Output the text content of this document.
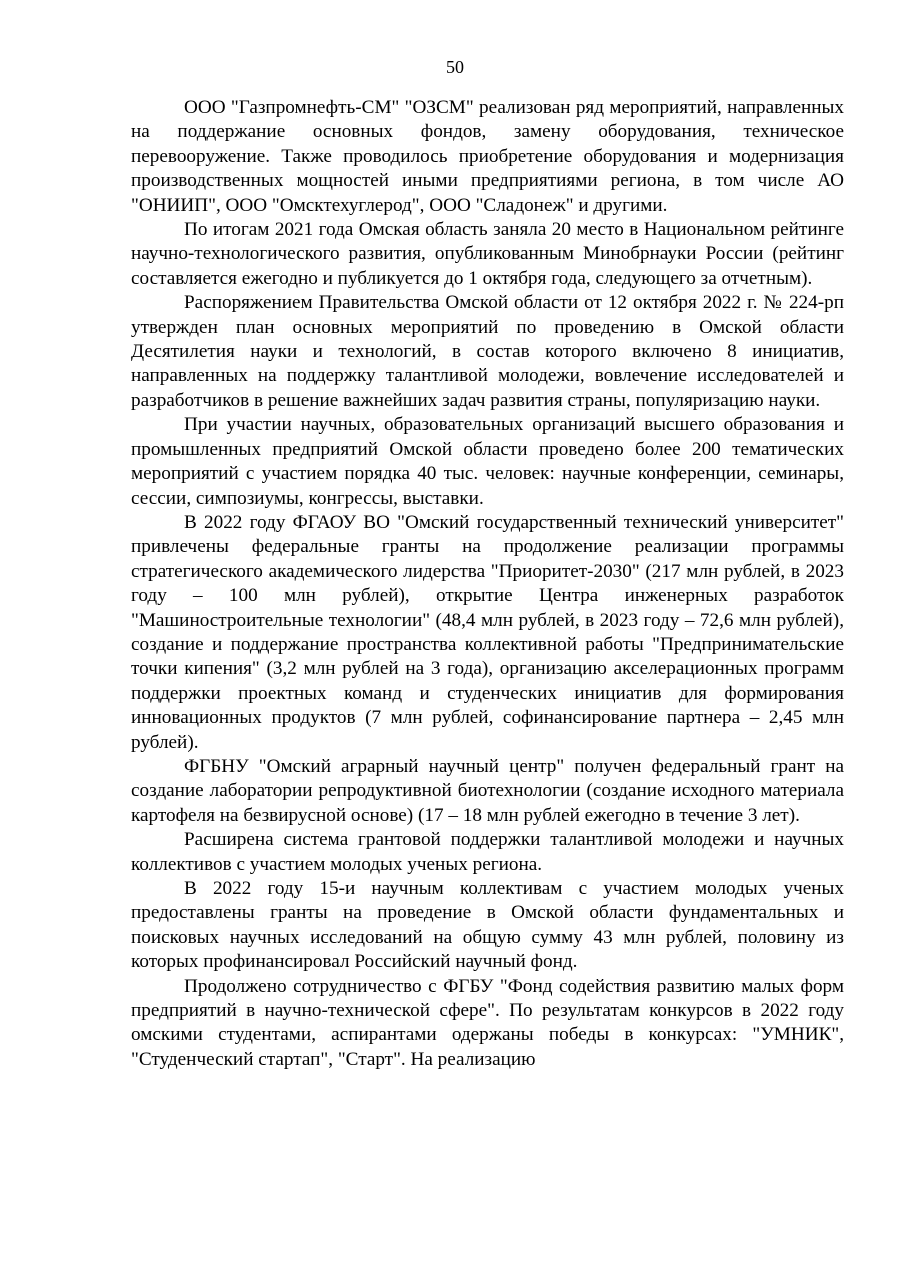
50

ООО "Газпромнефть-СМ" "ОЗСМ" реализован ряд мероприятий, направленных на поддержание основных фондов, замену оборудования, техническое перевооружение. Также проводилось приобретение оборудования и модернизация производственных мощностей иными предприятиями региона, в том числе АО "ОНИИП", ООО "Омсктехуглерод", ООО "Сладонеж" и другими.

По итогам 2021 года Омская область заняла 20 место в Национальном рейтинге научно-технологического развития, опубликованным Минобрнауки России (рейтинг составляется ежегодно и публикуется до 1 октября года, следующего за отчетным).

Распоряжением Правительства Омской области от 12 октября 2022 г. № 224-рп утвержден план основных мероприятий по проведению в Омской области Десятилетия науки и технологий, в состав которого включено 8 инициатив, направленных на поддержку талантливой молодежи, вовлечение исследователей и разработчиков в решение важнейших задач развития страны, популяризацию науки.

При участии научных, образовательных организаций высшего образования и промышленных предприятий Омской области проведено более 200 тематических мероприятий с участием порядка 40 тыс. человек: научные конференции, семинары, сессии, симпозиумы, конгрессы, выставки.

В 2022 году ФГАОУ ВО "Омский государственный технический университет" привлечены федеральные гранты на продолжение реализации программы стратегического академического лидерства "Приоритет-2030" (217 млн рублей, в 2023 году – 100 млн рублей), открытие Центра инженерных разработок "Машиностроительные технологии" (48,4 млн рублей, в 2023 году – 72,6 млн рублей), создание и поддержание пространства коллективной работы "Предпринимательские точки кипения" (3,2 млн рублей на 3 года), организацию акселерационных программ поддержки проектных команд и студенческих инициатив для формирования инновационных продуктов (7 млн рублей, софинансирование партнера – 2,45 млн рублей).

ФГБНУ "Омский аграрный научный центр" получен федеральный грант на создание лаборатории репродуктивной биотехнологии (создание исходного материала картофеля на безвирусной основе) (17 – 18 млн рублей ежегодно в течение 3 лет).

Расширена система грантовой поддержки талантливой молодежи и научных коллективов с участием молодых ученых региона.

В 2022 году 15-и научным коллективам с участием молодых ученых предоставлены гранты на проведение в Омской области фундаментальных и поисковых научных исследований на общую сумму 43 млн рублей, половину из которых профинансировал Российский научный фонд.

Продолжено сотрудничество с ФГБУ "Фонд содействия развитию малых форм предприятий в научно-технической сфере". По результатам конкурсов в 2022 году омскими студентами, аспирантами одержаны победы в конкурсах: "УМНИК", "Студенческий стартап", "Старт". На реализацию
